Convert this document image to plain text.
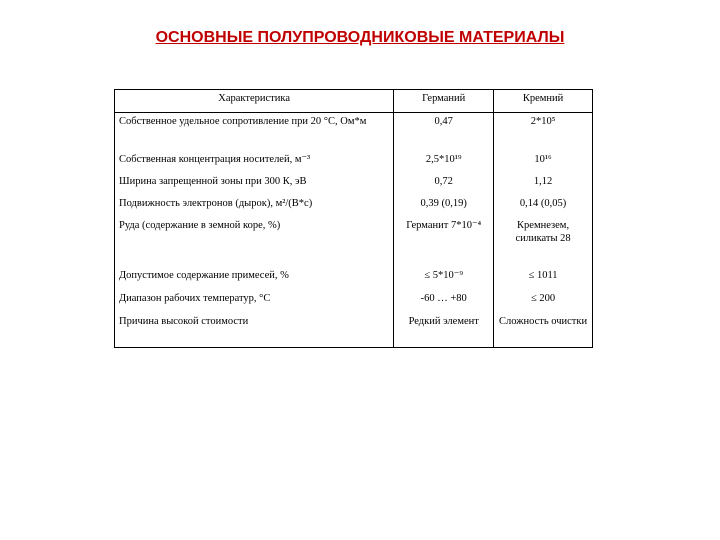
ОСНОВНЫЕ ПОЛУПРОВОДНИКОВЫЕ МАТЕРИАЛЫ
Характеристика	Германий	Кремний
Собственное удельное сопротивление при 20 °С, Ом*м	0,47	2*10⁵
Собственная концентрация носителей, м⁻³	2,5*10¹⁹	10¹⁶
Ширина запрещенной зоны при 300 К, эВ	0,72	1,12
Подвижность электронов (дырок), м²/(В*с)	0,39 (0,19)	0,14 (0,05)
Руда (содержание в земной коре, %)	Германит 7*10⁻⁴	Кремнезем, силикаты 28
Допустимое содержание примесей, %	≤ 5*10⁻⁹	≤ 1011
Диапазон рабочих температур, °С	-60 … +80	≤ 200
Причина высокой стоимости	Редкий элемент	Сложность очистки
